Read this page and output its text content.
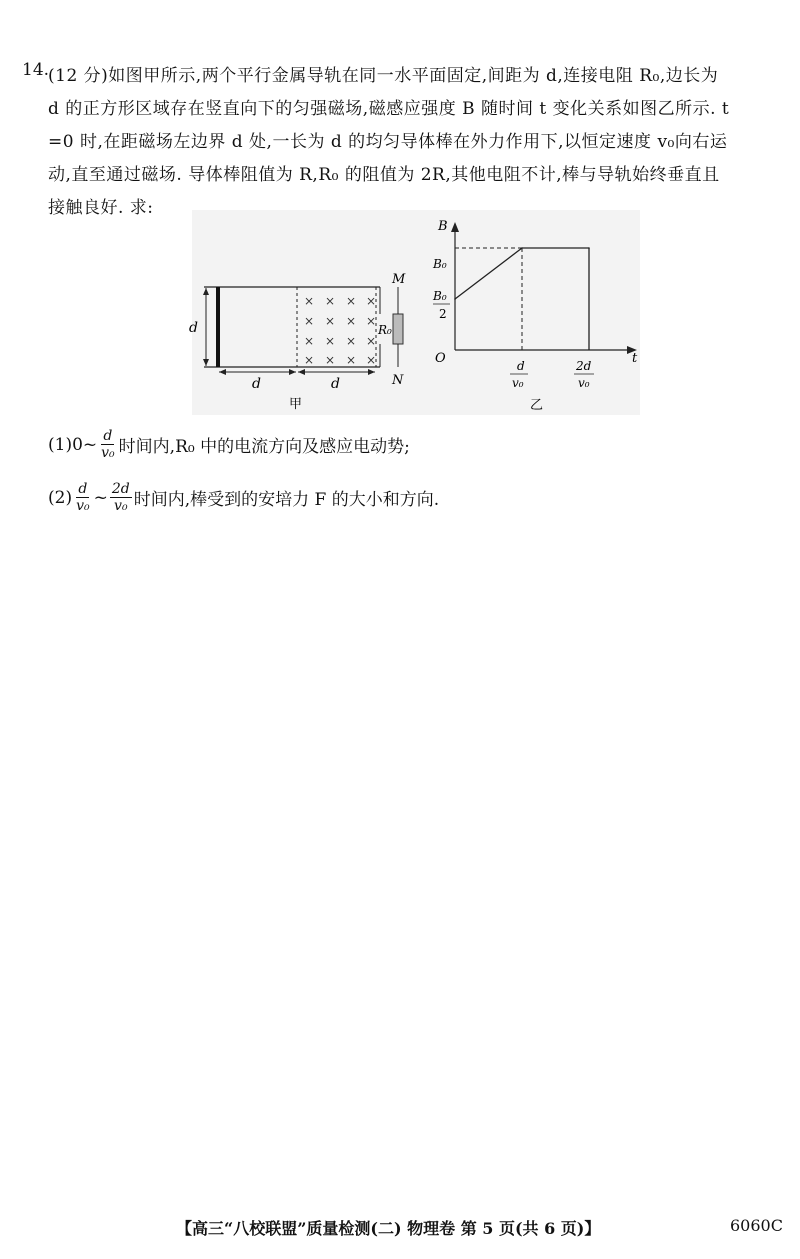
14.

(12 分)如图甲所示,两个平行金属导轨在同一水平面固定,间距为 d,连接电阻 R₀,边长为

d 的正方形区域存在竖直向下的匀强磁场,磁感应强度 B 随时间 t 变化关系如图乙所示. t

=0 时,在距磁场左边界 d 处,一长为 d 的均匀导体棒在外力作用下,以恒定速度 v₀向右运

动,直至通过磁场. 导体棒阻值为 R,R₀ 的阻值为 2R,其他电阻不计,棒与导轨始终垂直且

接触良好. 求:

d	R₀
M
N
× × × ×
× × × ×
× × × ×
× × × ×
d	d
甲
B
t
O
B₀
B₀
2
d
v₀
2d
v₀
乙
(1)0~ $\frac{d}{\text{v₀}}$ 时间内,R₀ 中的电流方向及感应电动势;
$(2) \frac{d}{\text{v₀}}$ ~ $\frac{2d}{\text{v₀}}$ 时间内,棒受到的安培力 F 的大小和方向.
【高三“八校联盟”质量检测(二) 物理卷 第 5 页(共 6 页)】	6060C
